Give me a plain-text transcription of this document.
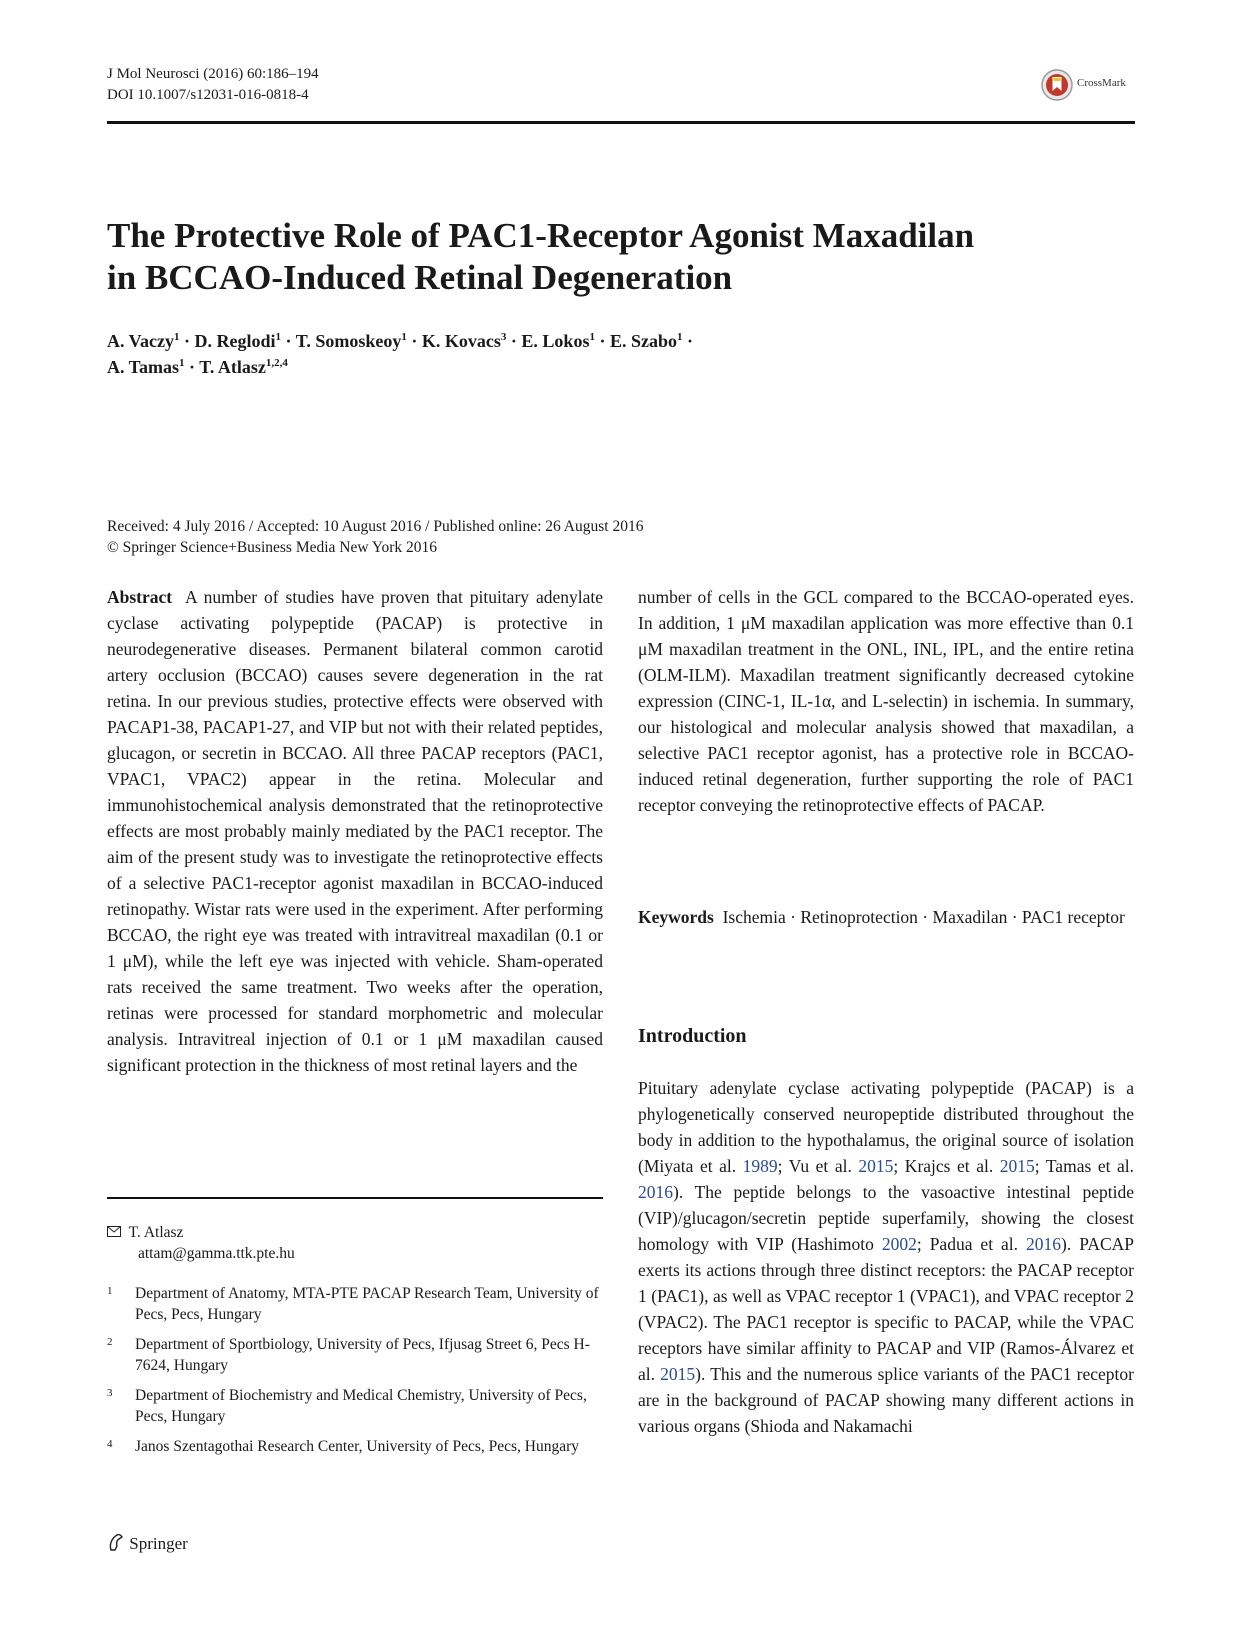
J Mol Neurosci (2016) 60:186–194
DOI 10.1007/s12031-016-0818-4
CrossMark
The Protective Role of PAC1-Receptor Agonist Maxadilan
in BCCAO-Induced Retinal Degeneration
A. Vaczy$^1$ · D. Reglodi$^1$ · T. Somoskeoy$^1$ · K. Kovacs$^3$ · E. Lokos$^1$ · E. Szabo$^1$ ·
A. Tamas$^1$ · T. Atlasz$^{1,2,4}$
Received: 4 July 2016 / Accepted: 10 August 2016 / Published online: 26 August 2016
© Springer Science+Business Media New York 2016
Abstract A number of studies have proven that pituitary adenylate cyclase activating polypeptide (PACAP) is protective in neurodegenerative diseases. Permanent bilateral common carotid artery occlusion (BCCAO) causes severe degeneration in the rat retina. In our previous studies, protective effects were observed with PACAP1-38, PACAP1-27, and VIP but not with their related peptides, glucagon, or secretin in BCCAO. All three PACAP receptors (PAC1, VPAC1, VPAC2) appear in the retina. Molecular and immunohistochemical analysis demonstrated that the retinoprotective effects are most probably mainly mediated by the PAC1 receptor. The aim of the present study was to investigate the retinoprotective effects of a selective PAC1-receptor agonist maxadilan in BCCAO-induced retinopathy. Wistar rats were used in the experiment. After performing BCCAO, the right eye was treated with intravitreal maxadilan (0.1 or 1 μM), while the left eye was injected with vehicle. Sham-operated rats received the same treatment. Two weeks after the operation, retinas were processed for standard morphometric and molecular analysis. Intravitreal injection of 0.1 or 1 μM maxadilan caused significant protection in the thickness of most retinal layers and the
number of cells in the GCL compared to the BCCAO-operated eyes. In addition, 1 μM maxadilan application was more effective than 0.1 μM maxadilan treatment in the ONL, INL, IPL, and the entire retina (OLM-ILM). Maxadilan treatment significantly decreased cytokine expression (CINC-1, IL-1α, and L-selectin) in ischemia. In summary, our histological and molecular analysis showed that maxadilan, a selective PAC1 receptor agonist, has a protective role in BCCAO-induced retinal degeneration, further supporting the role of PAC1 receptor conveying the retinoprotective effects of PACAP.
Keywords Ischemia · Retinoprotection · Maxadilan · PAC1 receptor
Introduction
Pituitary adenylate cyclase activating polypeptide (PACAP) is a phylogenetically conserved neuropeptide distributed throughout the body in addition to the hypothalamus, the original source of isolation (Miyata et al. 1989; Vu et al. 2015; Krajcs et al. 2015; Tamas et al. 2016). The peptide belongs to the vasoactive intestinal peptide (VIP)/glucagon/secretin peptide superfamily, showing the closest homology with VIP (Hashimoto 2002; Padua et al. 2016). PACAP exerts its actions through three distinct receptors: the PACAP receptor 1 (PAC1), as well as VPAC receptor 1 (VPAC1), and VPAC receptor 2 (VPAC2). The PAC1 receptor is specific to PACAP, while the VPAC receptors have similar affinity to PACAP and VIP (Ramos-Álvarez et al. 2015). This and the numerous splice variants of the PAC1 receptor are in the background of PACAP showing many different actions in various organs (Shioda and Nakamachi
T. Atlasz
attam@gamma.ttk.pte.hu
1 Department of Anatomy, MTA-PTE PACAP Research Team, University of Pecs, Pecs, Hungary
2 Department of Sportbiology, University of Pecs, Ifjusag Street 6, Pecs H-7624, Hungary
3 Department of Biochemistry and Medical Chemistry, University of Pecs, Pecs, Hungary
4 Janos Szentagothai Research Center, University of Pecs, Pecs, Hungary
Springer
